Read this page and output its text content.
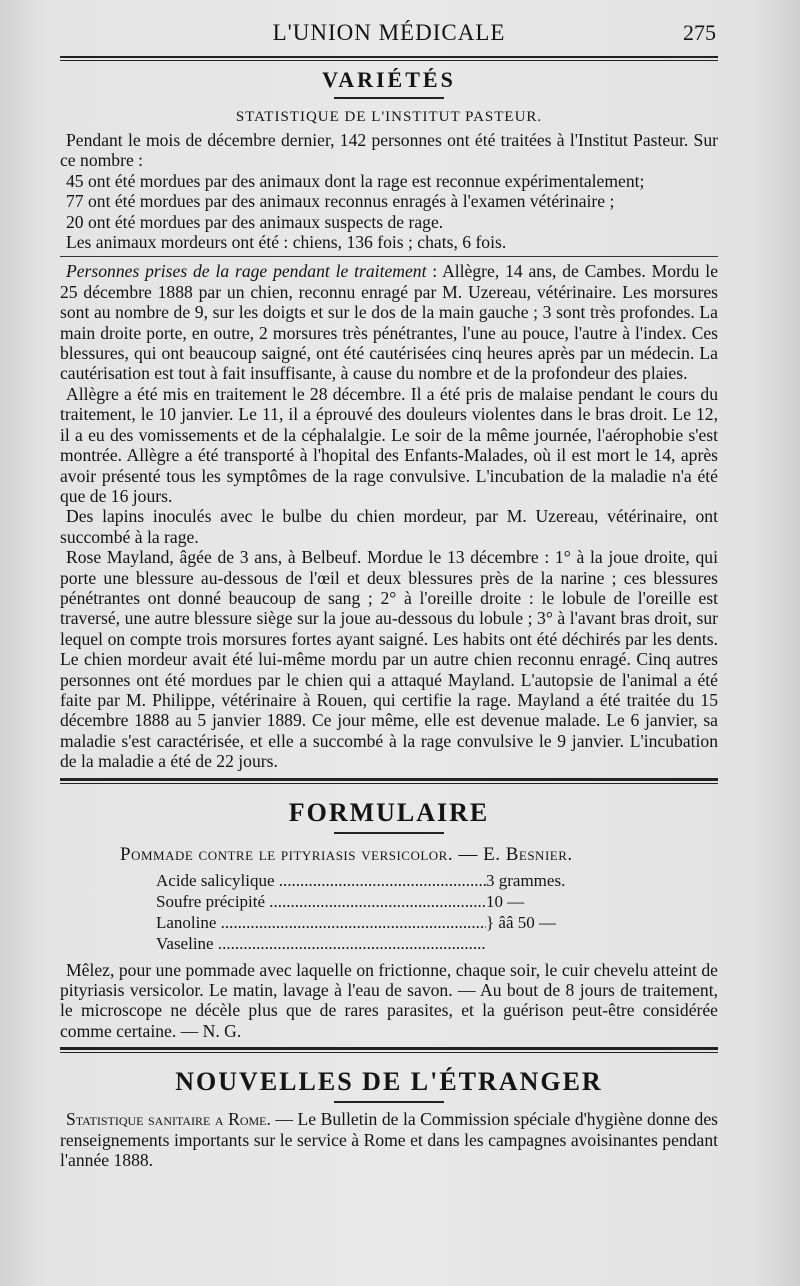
L'UNION MÉDICALE	275
VARIÉTÉS
STATISTIQUE DE L'INSTITUT PASTEUR.

Pendant le mois de décembre dernier, 142 personnes ont été traitées à l'Institut Pasteur. Sur ce nombre :

45 ont été mordues par des animaux dont la rage est reconnue expérimentalement;

77 ont été mordues par des animaux reconnus enragés à l'examen vétérinaire ;

20 ont été mordues par des animaux suspects de rage.

Les animaux mordeurs ont été : chiens, 136 fois ; chats, 6 fois.

Personnes prises de la rage pendant le traitement : Allègre, 14 ans, de Cambes. Mordu le 25 décembre 1888 par un chien, reconnu enragé par M. Uzereau, vétérinaire. Les morsures sont au nombre de 9, sur les doigts et sur le dos de la main gauche ; 3 sont très profondes. La main droite porte, en outre, 2 morsures très pénétrantes, l'une au pouce, l'autre à l'index. Ces blessures, qui ont beaucoup saigné, ont été cautérisées cinq heures après par un médecin. La cautérisation est tout à fait insuffisante, à cause du nombre et de la profondeur des plaies.

Allègre a été mis en traitement le 28 décembre. Il a été pris de malaise pendant le cours du traitement, le 10 janvier. Le 11, il a éprouvé des douleurs violentes dans le bras droit. Le 12, il a eu des vomissements et de la céphalalgie. Le soir de la même journée, l'aérophobie s'est montrée. Allègre a été transporté à l'hopital des Enfants-Malades, où il est mort le 14, après avoir présenté tous les symptômes de la rage convulsive. L'incubation de la maladie n'a été que de 16 jours.

Des lapins inoculés avec le bulbe du chien mordeur, par M. Uzereau, vétérinaire, ont succombé à la rage.

Rose Mayland, âgée de 3 ans, à Belbeuf. Mordue le 13 décembre : 1° à la joue droite, qui porte une blessure au-dessous de l'œil et deux blessures près de la narine ; ces blessures pénétrantes ont donné beaucoup de sang ; 2° à l'oreille droite : le lobule de l'oreille est traversé, une autre blessure siège sur la joue au-dessous du lobule ; 3° à l'avant bras droit, sur lequel on compte trois morsures fortes ayant saigné. Les habits ont été déchirés par les dents. Le chien mordeur avait été lui-même mordu par un autre chien reconnu enragé. Cinq autres personnes ont été mordues par le chien qui a attaqué Mayland. L'autopsie de l'animal a été faite par M. Philippe, vétérinaire à Rouen, qui certifie la rage. Mayland a été traitée du 15 décembre 1888 au 5 janvier 1889. Ce jour même, elle est devenue malade. Le 6 janvier, sa maladie s'est caractérisée, et elle a succombé à la rage convulsive le 9 janvier. L'incubation de la maladie a été de 22 jours.

FORMULAIRE
Pommade contre le pityriasis versicolor. — E. Besnier.
Acide salicylique .....	3 grammes.
Soufre précipité .....	10 —
Lanoline .....	} ââ 50 —
Vaseline .....

Mêlez, pour une pommade avec laquelle on frictionne, chaque soir, le cuir chevelu atteint de pityriasis versicolor. Le matin, lavage à l'eau de savon. — Au bout de 8 jours de traitement, le microscope ne décèle plus que de rares parasites, et la guérison peut-être considérée comme certaine. — N. G.

NOUVELLES DE L'ÉTRANGER

Statistique sanitaire a Rome. — Le Bulletin de la Commission spéciale d'hygiène donne des renseignements importants sur le service à Rome et dans les campagnes avoisinantes pendant l'année 1888.
